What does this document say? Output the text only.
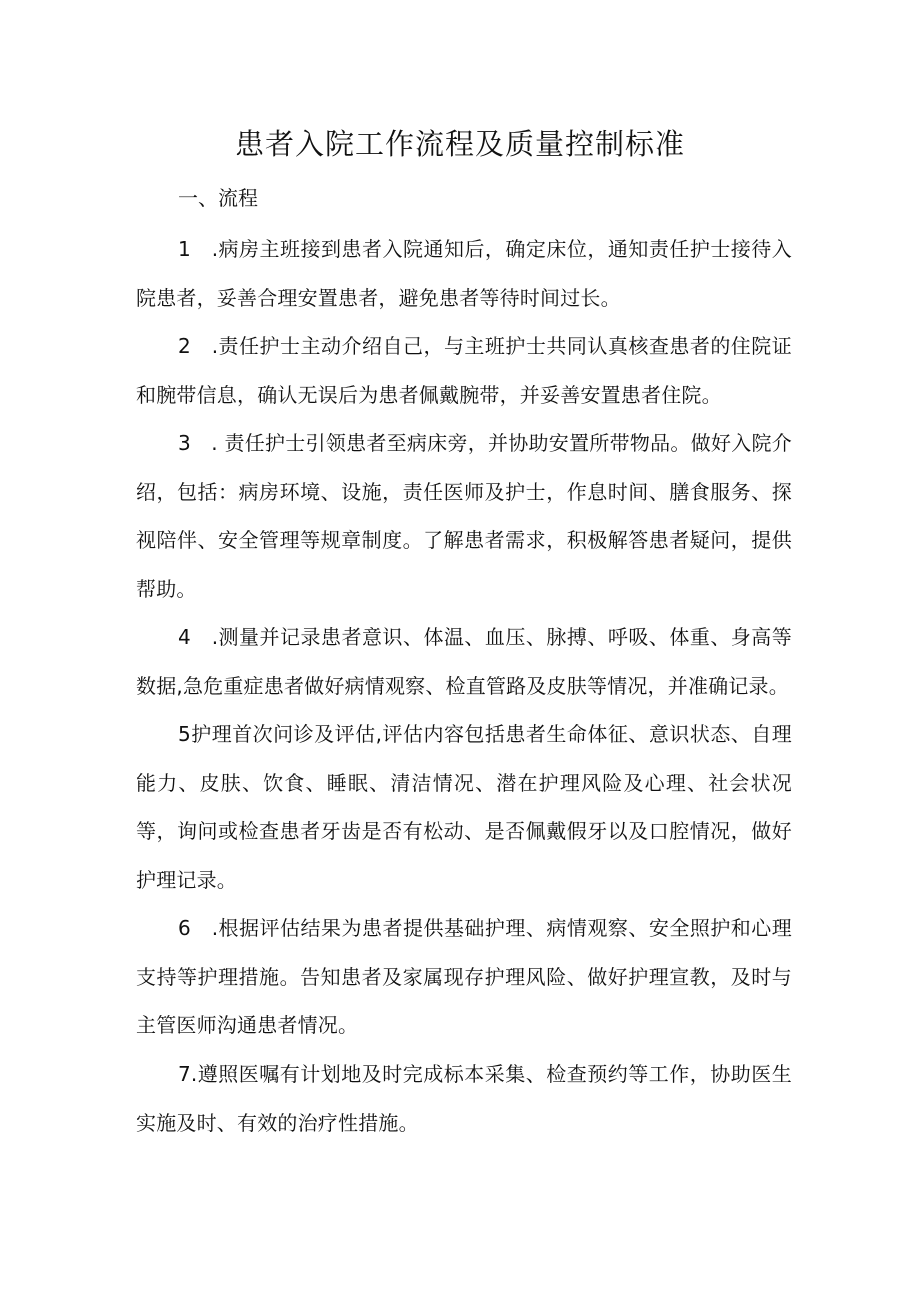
患者入院工作流程及质量控制标准

一、流程

1　.病房主班接到患者入院通知后，确定床位，通知责任护士接待入院患者，妥善合理安置患者，避免患者等待时间过长。

2　.责任护士主动介绍自己，与主班护士共同认真核查患者的住院证和腕带信息，确认无误后为患者佩戴腕带，并妥善安置患者住院。

3　. 责任护士引领患者至病床旁，并协助安置所带物品。做好入院介绍，包括：病房环境、设施，责任医师及护士，作息时间、膳食服务、探视陪伴、安全管理等规章制度。了解患者需求，积极解答患者疑问，提供帮助。

4　.测量并记录患者意识、体温、血压、脉搏、呼吸、体重、身高等数据,急危重症患者做好病情观察、检直管路及皮肤等情况，并准确记录。

5护理首次问诊及评估,评估内容包括患者生命体征、意识状态、自理能力、皮肤、饮食、睡眠、清洁情况、潜在护理风险及心理、社会状况等，询问或检查患者牙齿是否有松动、是否佩戴假牙以及口腔情况，做好护理记录。

6　.根据评估结果为患者提供基础护理、病情观察、安全照护和心理支持等护理措施。告知患者及家属现存护理风险、做好护理宣教，及时与主管医师沟通患者情况。

7.遵照医嘱有计划地及时完成标本采集、检查预约等工作，协助医生实施及时、有效的治疗性措施。
